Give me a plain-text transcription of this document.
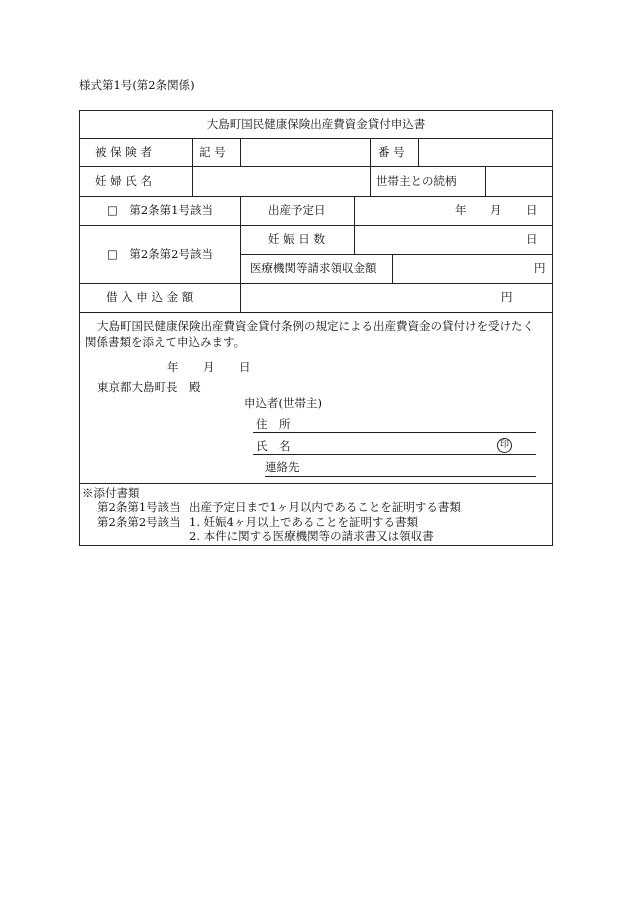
様式第1号(第2条関係)
大島町国民健康保険出産費資金貸付申込書
被 保 険 者	記 号	番 号
妊 婦 氏 名	世帯主との続柄
□　第2条第1号該当	出産予定日	年 月 日
□　第2条第2号該当
妊 娠 日 数	日
医療機関等請求領収金額	円
借 入 申 込 金 額	円
大島町国民健康保険出産費資金貸付条例の規定による出産費資金の貸付けを受けたく
関係書類を添えて申込みます。
年 月 日
東京都大島町長　殿
申込者(世帯主)
住　所
氏　名	印
連絡先
※添付書類
第2条第1号該当 出産予定日まで1ヶ月以内であることを証明する書類
第2条第2号該当 1. 妊娠4ヶ月以上であることを証明する書類
2. 本件に関する医療機関等の請求書又は領収書
